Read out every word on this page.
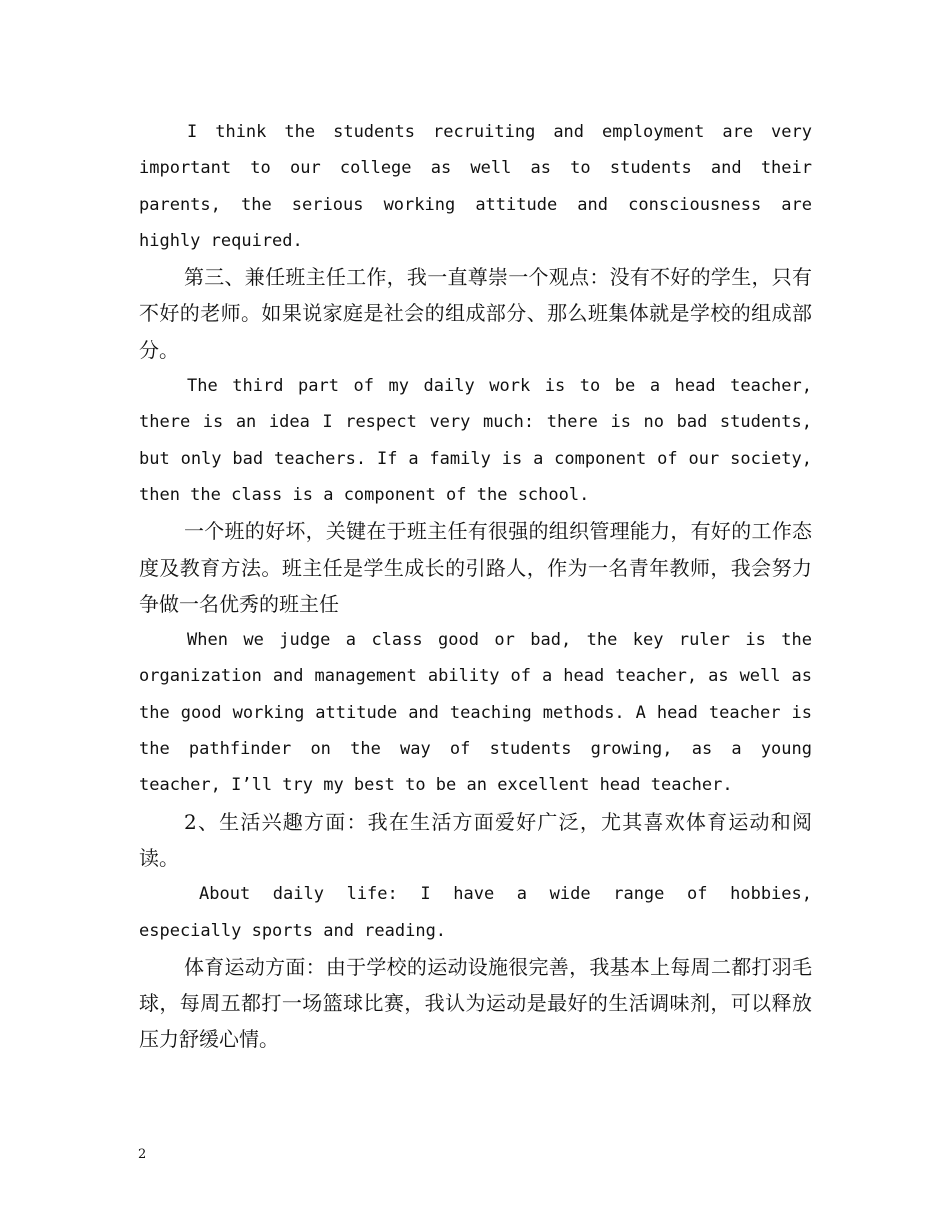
I think the students recruiting and employment are very important to our college as well as to students and their parents, the serious working attitude and consciousness are highly required.

第三、兼任班主任工作，我一直尊崇一个观点：没有不好的学生，只有不好的老师。如果说家庭是社会的组成部分、那么班集体就是学校的组成部分。

The third part of my daily work is to be a head teacher, there is an idea I respect very much: there is no bad students, but only bad teachers. If a family is a component of our society, then the class is a component of the school.

一个班的好坏，关键在于班主任有很强的组织管理能力，有好的工作态度及教育方法。班主任是学生成长的引路人，作为一名青年教师，我会努力争做一名优秀的班主任

When we judge a class good or bad, the key ruler is the organization and management ability of a head teacher, as well as the good working attitude and teaching methods. A head teacher is the pathfinder on the way of students growing, as a young teacher, I’ll try my best to be an excellent head teacher.

2、生活兴趣方面：我在生活方面爱好广泛，尤其喜欢体育运动和阅读。

About daily life: I have a wide range of hobbies, especially sports and reading.

体育运动方面：由于学校的运动设施很完善，我基本上每周二都打羽毛球，每周五都打一场篮球比赛，我认为运动是最好的生活调味剂，可以释放压力舒缓心情。

2
